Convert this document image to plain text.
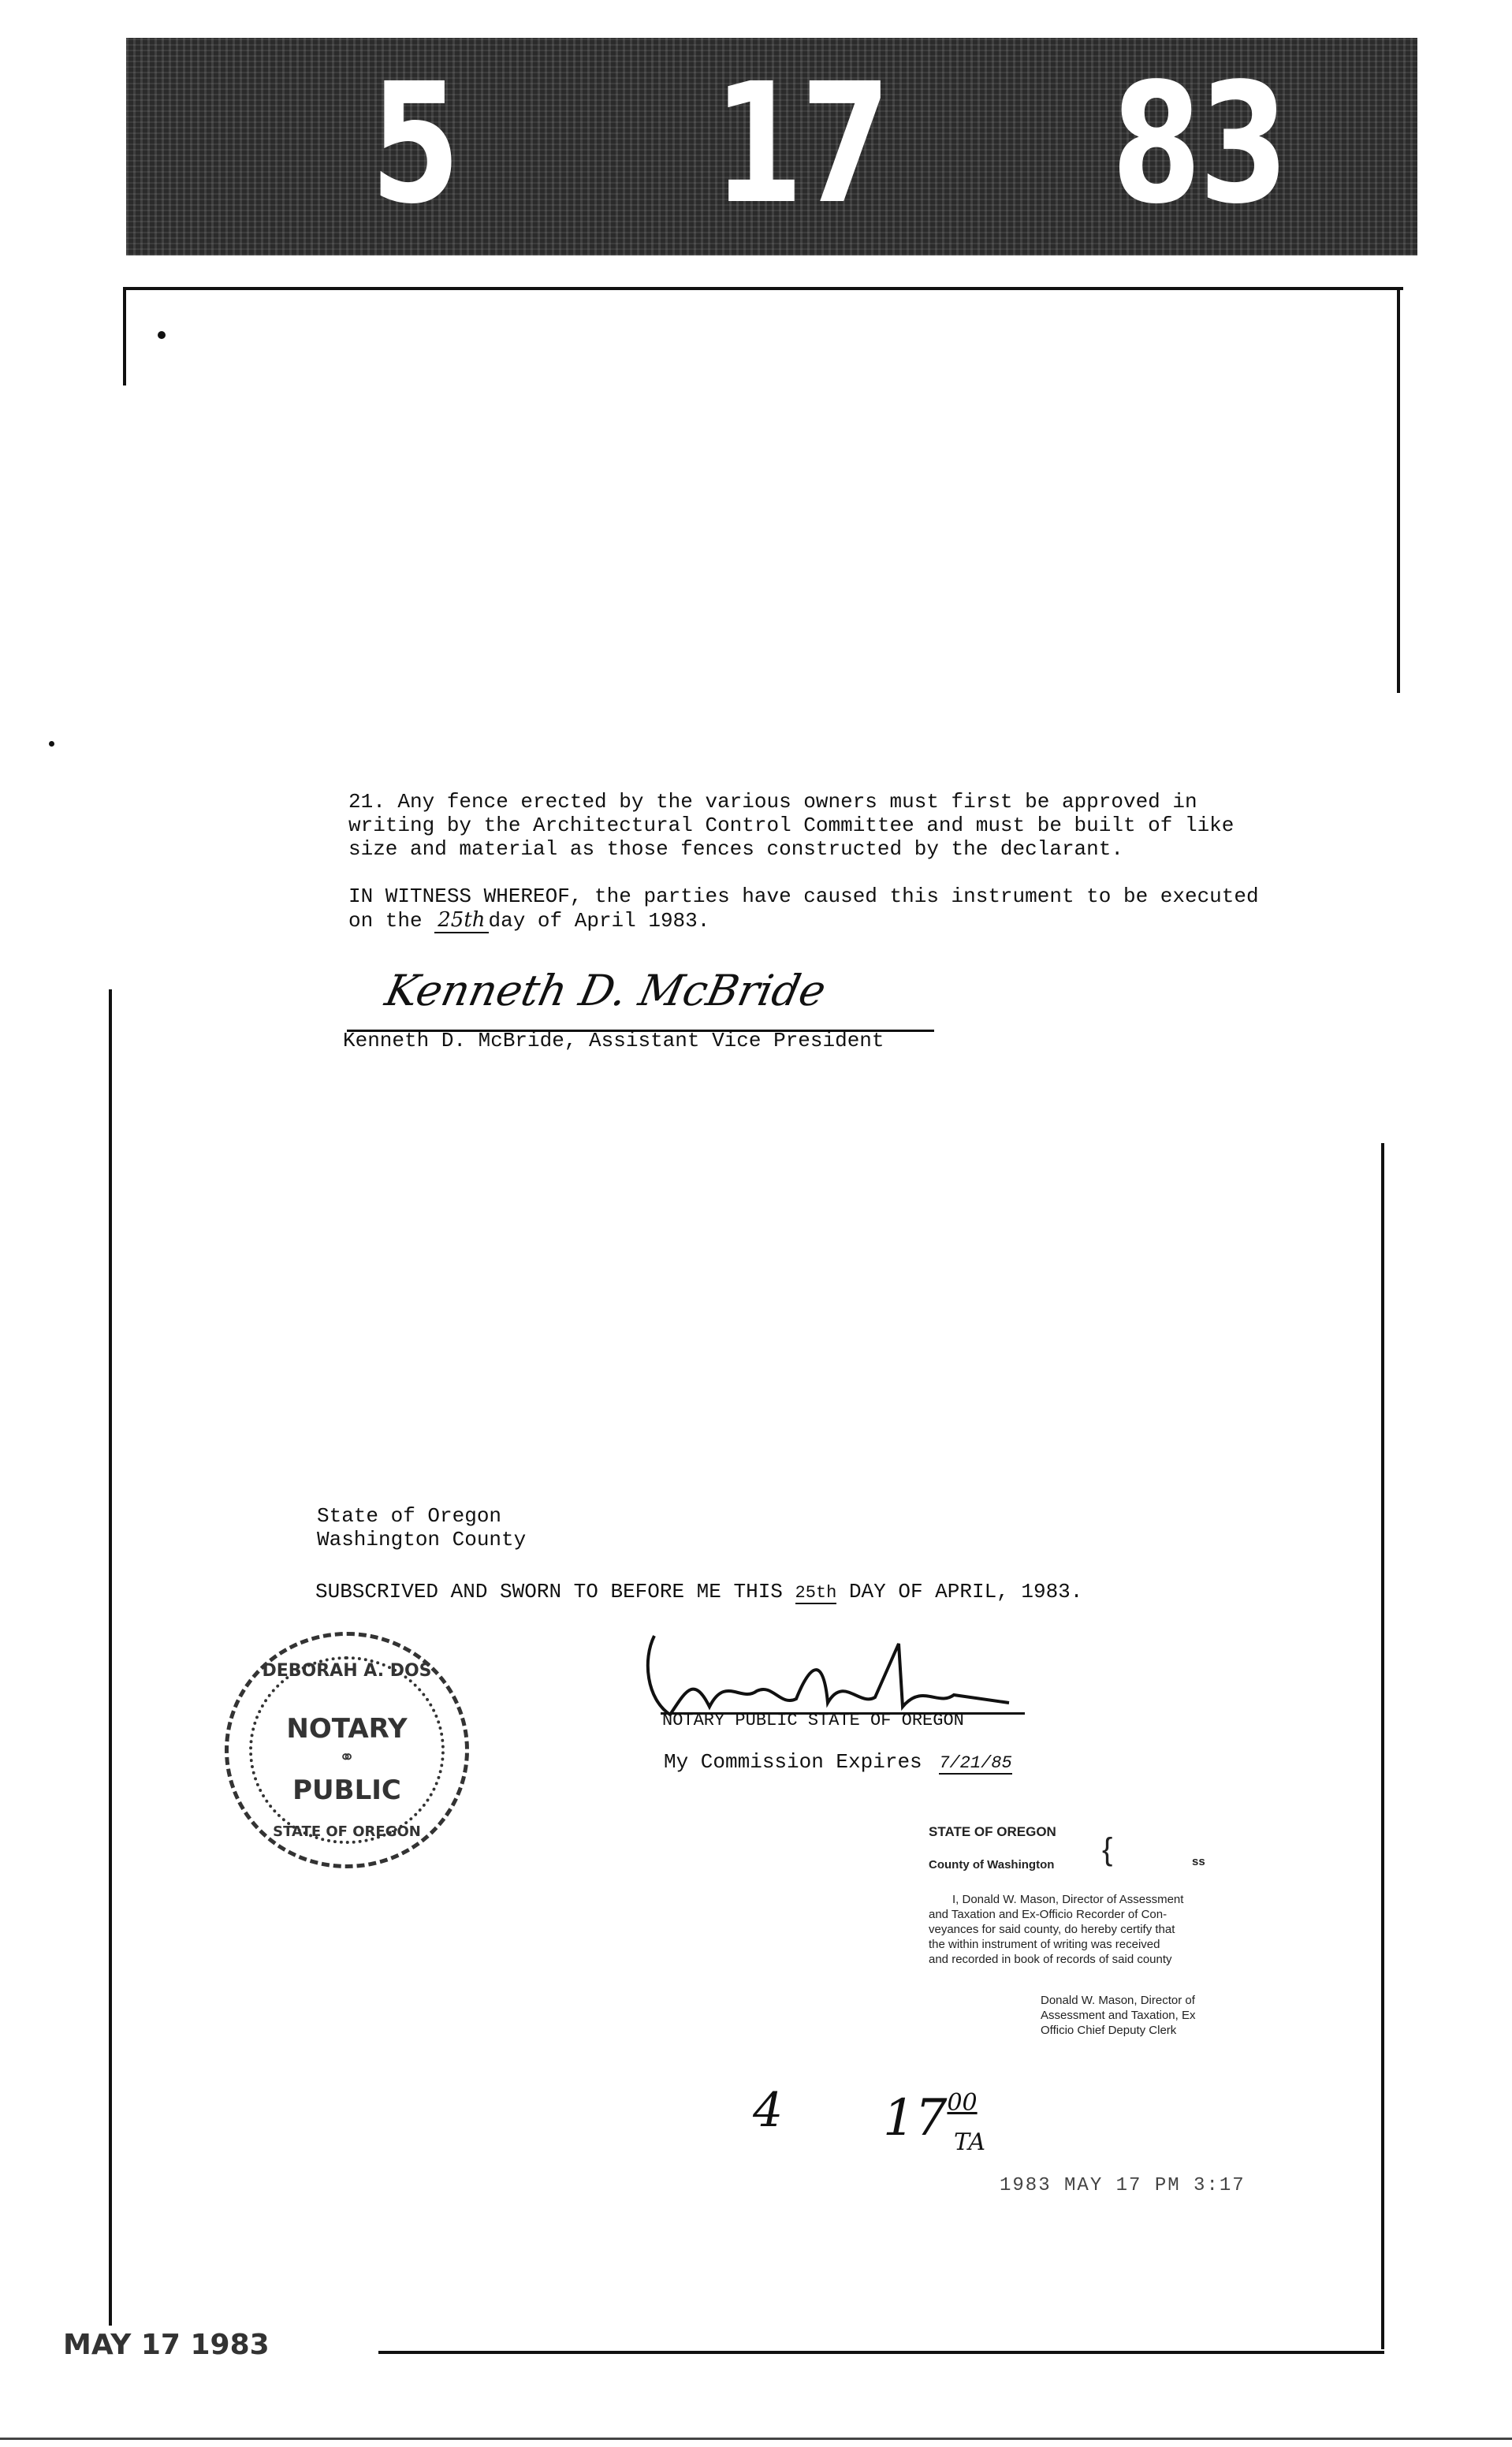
5 17 83
21. Any fence erected by the various owners must first be approved in
writing by the Architectural Control Committee and must be built of like
size and material as those fences constructed by the declarant.
IN WITNESS WHEREOF, the parties have caused this instrument to be executed
on the 25th day of April 1983.
Kenneth D. McBride
Kenneth D. McBride, Assistant Vice President
State of Oregon
Washington County
SUBSCRIVED AND SWORN TO BEFORE ME THIS 25th DAY OF APRIL, 1983.
DEBORAH A. DOS
NOTARY
⚭
PUBLIC
STATE OF OREGON
NOTARY PUBLIC STATE OF OREGON
My Commission Expires 7/21/85
STATE OF OREGON
County of Washington {	ss
I, Donald W. Mason, Director of Assessment
and Taxation and Ex-Officio Recorder of Con-
veyances for said county, do hereby certify that
the within instrument of writing was received
and recorded in book of records of said county
Donald W. Mason, Director of
Assessment and Taxation, Ex
Officio Chief Deputy Clerk
4 $17^{00}$
TA
1983 MAY 17 PM 3:17
MAY 17 1983
